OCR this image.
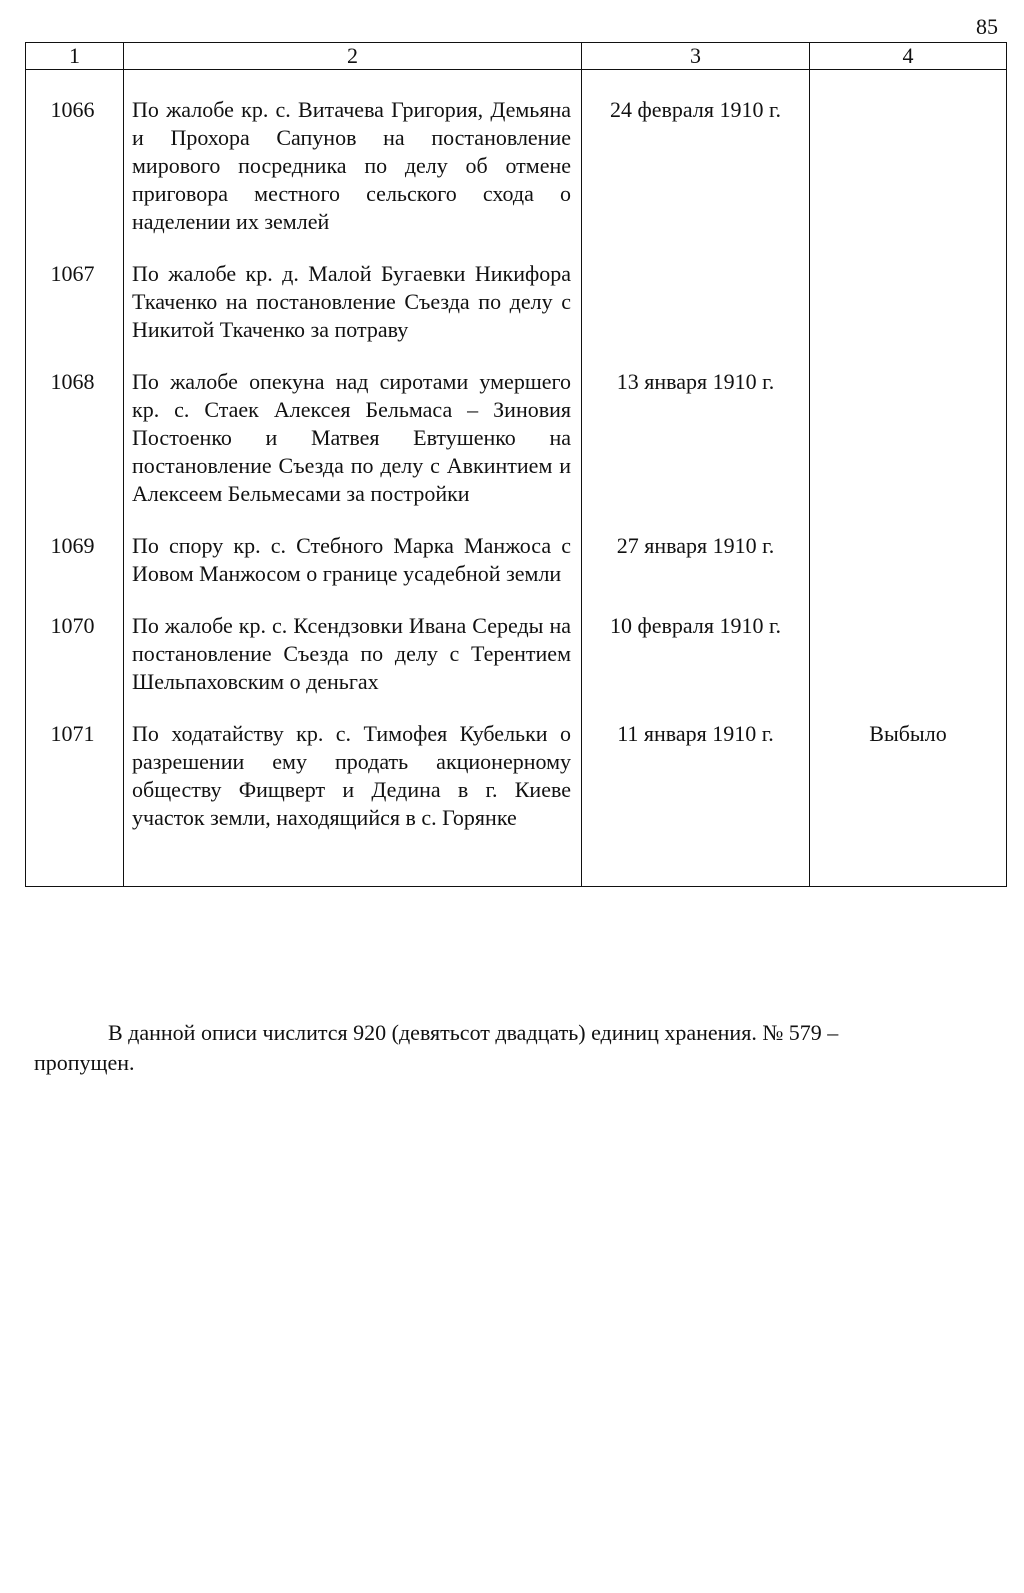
85
1	2	3	4
1066	По жалобе кр. с. Витачева Григория, Демьяна и Прохора Сапунов на постановление мирового посредника по делу об отмене приговора местного сельского схода о наделении их землей	24 февраля 1910 г.	
1067	По жалобе кр. д. Малой Бугаевки Никифора Ткаченко на постановление Съезда по делу с Никитой Ткаченко за потраву		
1068	По жалобе опекуна над сиротами умершего кр. с. Стаек Алексея Бельмаса – Зиновия Постоенко и Матвея Евтушенко на постановление Съезда по делу с Авкинтием и Алексеем Бельмесами за постройки	13 января 1910 г.	
1069	По спору кр. с. Стебного Марка Манжоса с Иовом Манжосом о границе усадебной земли	27 января 1910 г.	
1070	По жалобе кр. с. Ксендзовки Ивана Середы на постановление Съезда по делу с Терентием Шельпаховским о деньгах	10 февраля 1910 г.	
1071	По ходатайству кр. с. Тимофея Кубельки о разрешении ему продать акционерному обществу Фищверт и Дедина в г. Киеве участок земли, находящийся в с. Горянке	11 января 1910 г.	Выбыло

В данной описи числится 920 (девятьсот двадцать) единиц хранения. № 579 – пропущен.
